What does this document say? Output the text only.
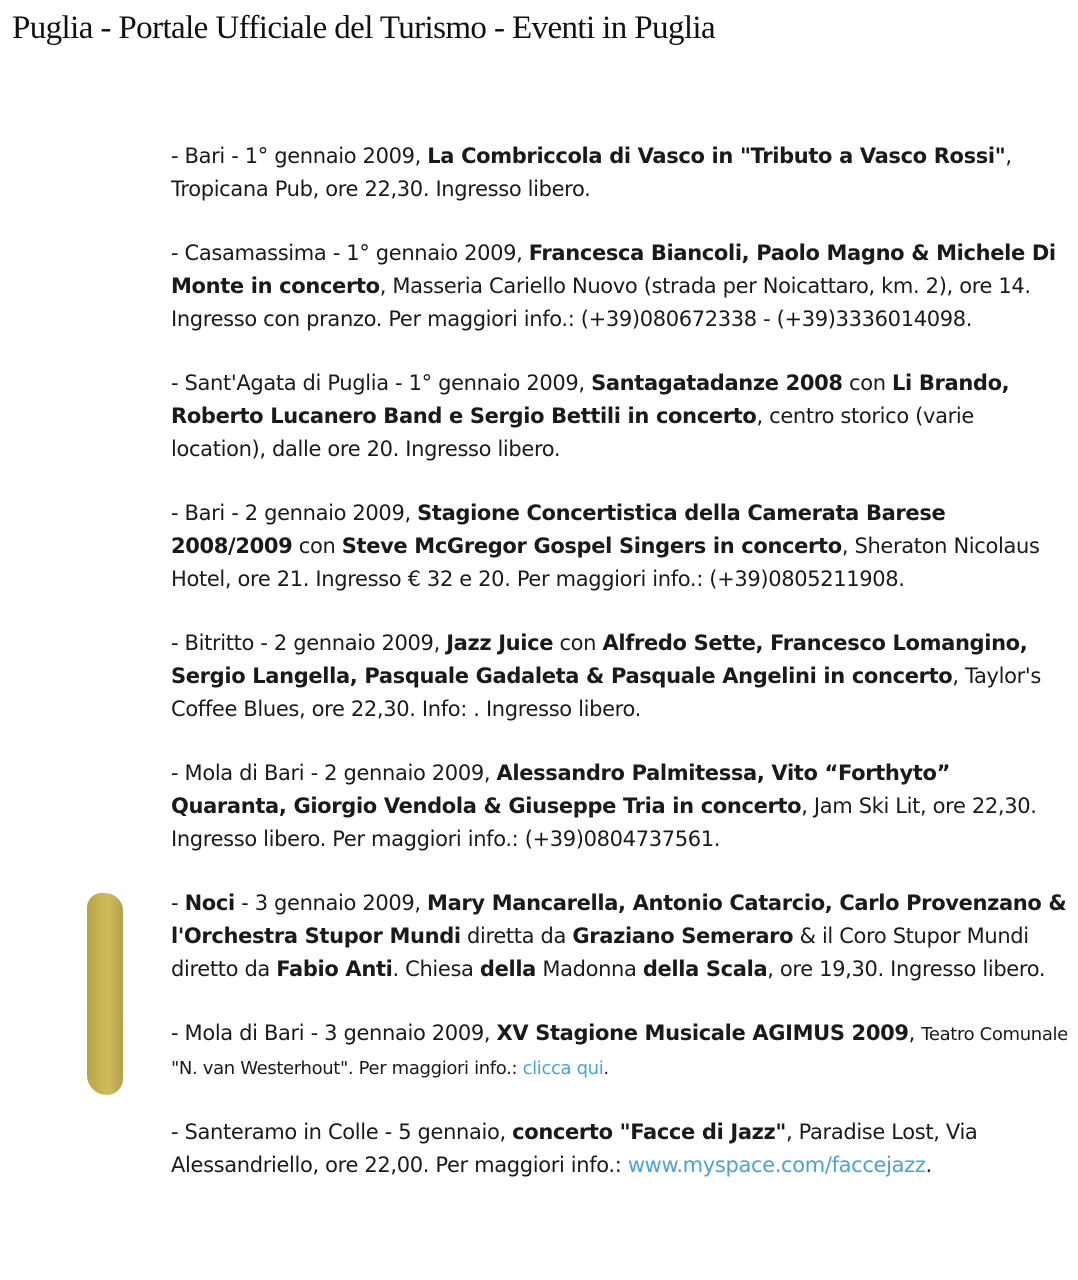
Puglia - Portale Ufficiale del Turismo - Eventi in Puglia

- Bari - 1° gennaio 2009, La Combriccola di Vasco in "Tributo a Vasco Rossi", Tropicana Pub, ore 22,30. Ingresso libero.

- Casamassima - 1° gennaio 2009, Francesca Biancoli, Paolo Magno & Michele Di Monte in concerto, Masseria Cariello Nuovo (strada per Noicattaro, km. 2), ore 14. Ingresso con pranzo. Per maggiori info.: (+39)080672338 - (+39)3336014098.

- Sant'Agata di Puglia - 1° gennaio 2009, Santagatadanze 2008 con Li Brando, Roberto Lucanero Band e Sergio Bettili in concerto, centro storico (varie location), dalle ore 20. Ingresso libero.

- Bari - 2 gennaio 2009, Stagione Concertistica della Camerata Barese 2008/2009 con Steve McGregor Gospel Singers in concerto, Sheraton Nicolaus Hotel, ore 21. Ingresso € 32 e 20. Per maggiori info.: (+39)0805211908.

- Bitritto - 2 gennaio 2009, Jazz Juice con Alfredo Sette, Francesco Lomangino, Sergio Langella, Pasquale Gadaleta & Pasquale Angelini in concerto, Taylor's Coffee Blues, ore 22,30. Info: . Ingresso libero.

- Mola di Bari - 2 gennaio 2009, Alessandro Palmitessa, Vito “Forthyto” Quaranta, Giorgio Vendola & Giuseppe Tria in concerto, Jam Ski Lit, ore 22,30. Ingresso libero. Per maggiori info.: (+39)0804737561.

- Noci - 3 gennaio 2009, Mary Mancarella, Antonio Catarcio, Carlo Provenzano & l'Orchestra Stupor Mundi diretta da Graziano Semeraro & il Coro Stupor Mundi diretto da Fabio Anti. Chiesa della Madonna della Scala, ore 19,30. Ingresso libero.

- Mola di Bari - 3 gennaio 2009, XV Stagione Musicale AGIMUS 2009, Teatro Comunale "N. van Westerhout". Per maggiori info.: clicca qui.

- Santeramo in Colle - 5 gennaio, concerto "Facce di Jazz", Paradise Lost, Via Alessandriello, ore 22,00. Per maggiori info.: www.myspace.com/faccejazz.
